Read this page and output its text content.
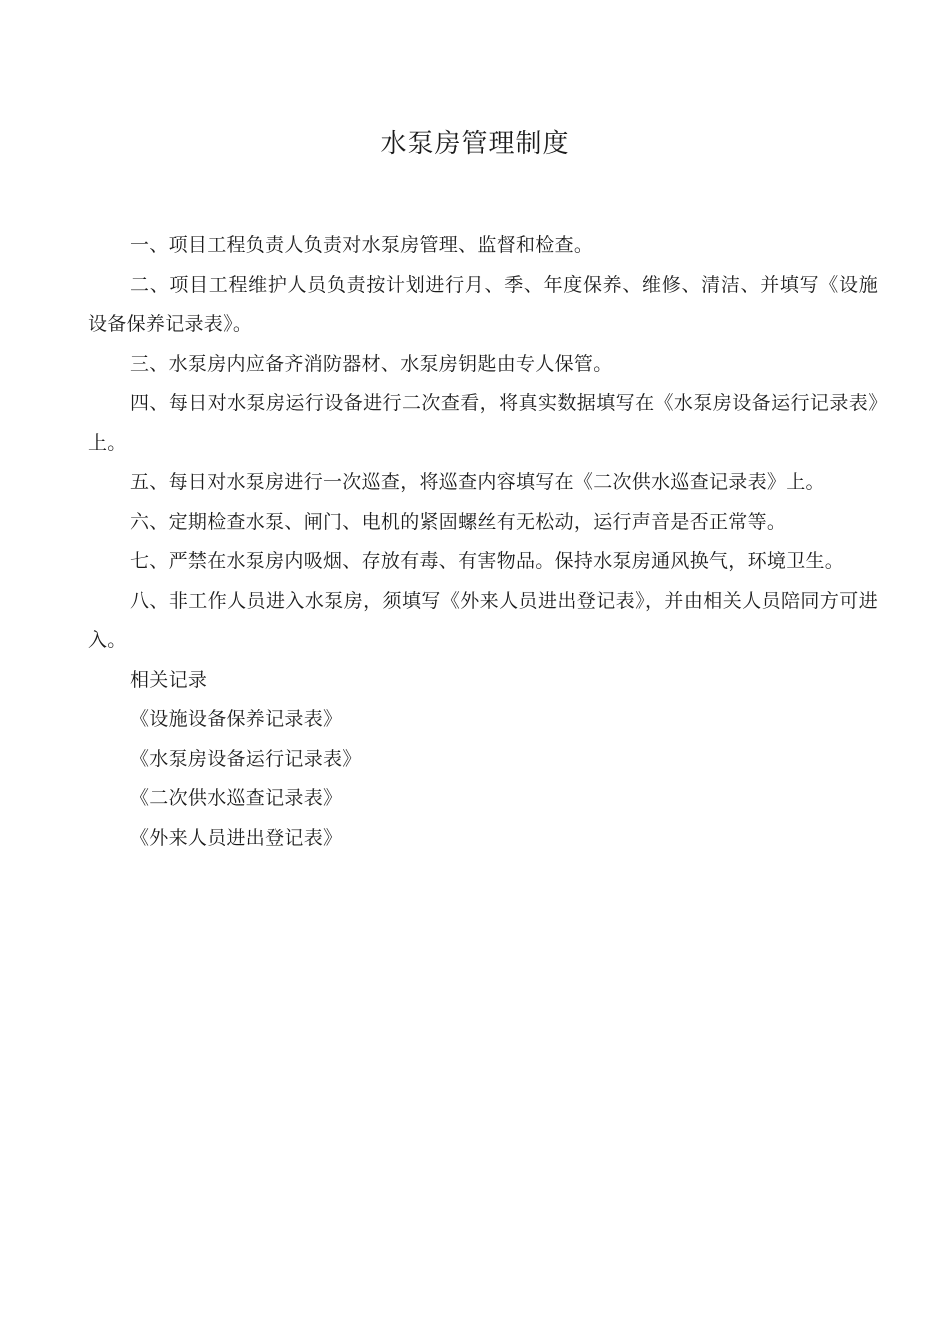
水泵房管理制度

一、项目工程负责人负责对水泵房管理、监督和检查。

二、项目工程维护人员负责按计划进行月、季、年度保养、维修、清洁、并填写《设施设备保养记录表》。

三、水泵房内应备齐消防器材、水泵房钥匙由专人保管。

四、每日对水泵房运行设备进行二次查看，将真实数据填写在《水泵房设备运行记录表》上。

五、每日对水泵房进行一次巡查，将巡查内容填写在《二次供水巡查记录表》上。

六、定期检查水泵、闸门、电机的紧固螺丝有无松动，运行声音是否正常等。

七、严禁在水泵房内吸烟、存放有毒、有害物品。保持水泵房通风换气，环境卫生。

八、非工作人员进入水泵房，须填写《外来人员进出登记表》，并由相关人员陪同方可进入。

相关记录

《设施设备保养记录表》
《水泵房设备运行记录表》
《二次供水巡查记录表》
《外来人员进出登记表》
